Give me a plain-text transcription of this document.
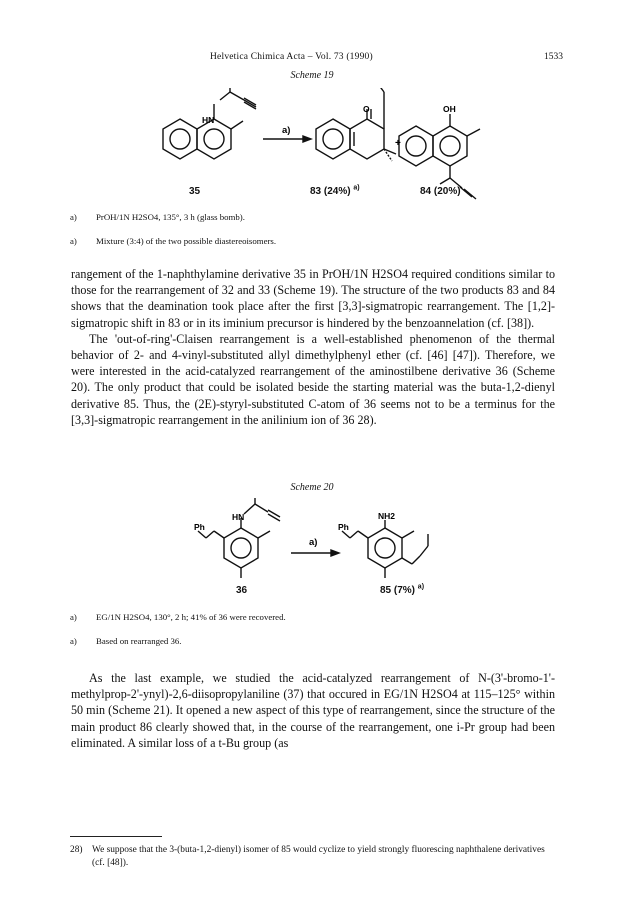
Helvetica Chimica Acta – Vol. 73 (1990)	1533
Scheme 19
HN
a)
O
+
OH
35	83 (24%) $^{a)}$	84 (20%)
a) PrOH/1N H2SO4, 135°, 3 h (glass bomb).
a) Mixture (3:4) of the two possible diastereoisomers.

rangement of the 1-naphthylamine derivative 35 in PrOH/1N H2SO4 required conditions similar to those for the rearrangement of 32 and 33 (Scheme 19). The structure of the two products 83 and 84 shows that the deamination took place after the first [3,3]-sigmatropic rearrangement. The [1,2]-sigmatropic shift in 83 or in its iminium precursor is hindered by the benzoannelation (cf. [38]).

The 'out-of-ring'-Claisen rearrangement is a well-established phenomenon of the thermal behavior of 2- and 4-vinyl-substituted allyl dimethylphenyl ether (cf. [46] [47]). Therefore, we were interested in the acid-catalyzed rearrangement of the aminostilbene derivative 36 (Scheme 20). The only product that could be isolated beside the starting material was the buta-1,2-dienyl derivative 85. Thus, the (2E)-styryl-substituted C-atom of 36 seems not to be a terminus for the [3,3]-sigmatropic rearrangement in the anilinium ion of 36 28).

Scheme 20
HN
Ph
a)
NH2
Ph
36	85 (7%) $^{a)}$
a) EG/1N H2SO4, 130°, 2 h; 41% of 36 were recovered.
a) Based on rearranged 36.

As the last example, we studied the acid-catalyzed rearrangement of N-(3'-bromo-1'-methylprop-2'-ynyl)-2,6-diisopropylaniline (37) that occured in EG/1N H2SO4 at 115–125° within 50 min (Scheme 21). It opened a new aspect of this type of rearrangement, since the structure of the main product 86 clearly showed that, in the course of the rearrangement, one i-Pr group had been eliminated. A similar loss of a t-Bu group (as

28) We suppose that the 3-(buta-1,2-dienyl) isomer of 85 would cyclize to yield strongly fluorescing naphthalene derivatives (cf. [48]).
